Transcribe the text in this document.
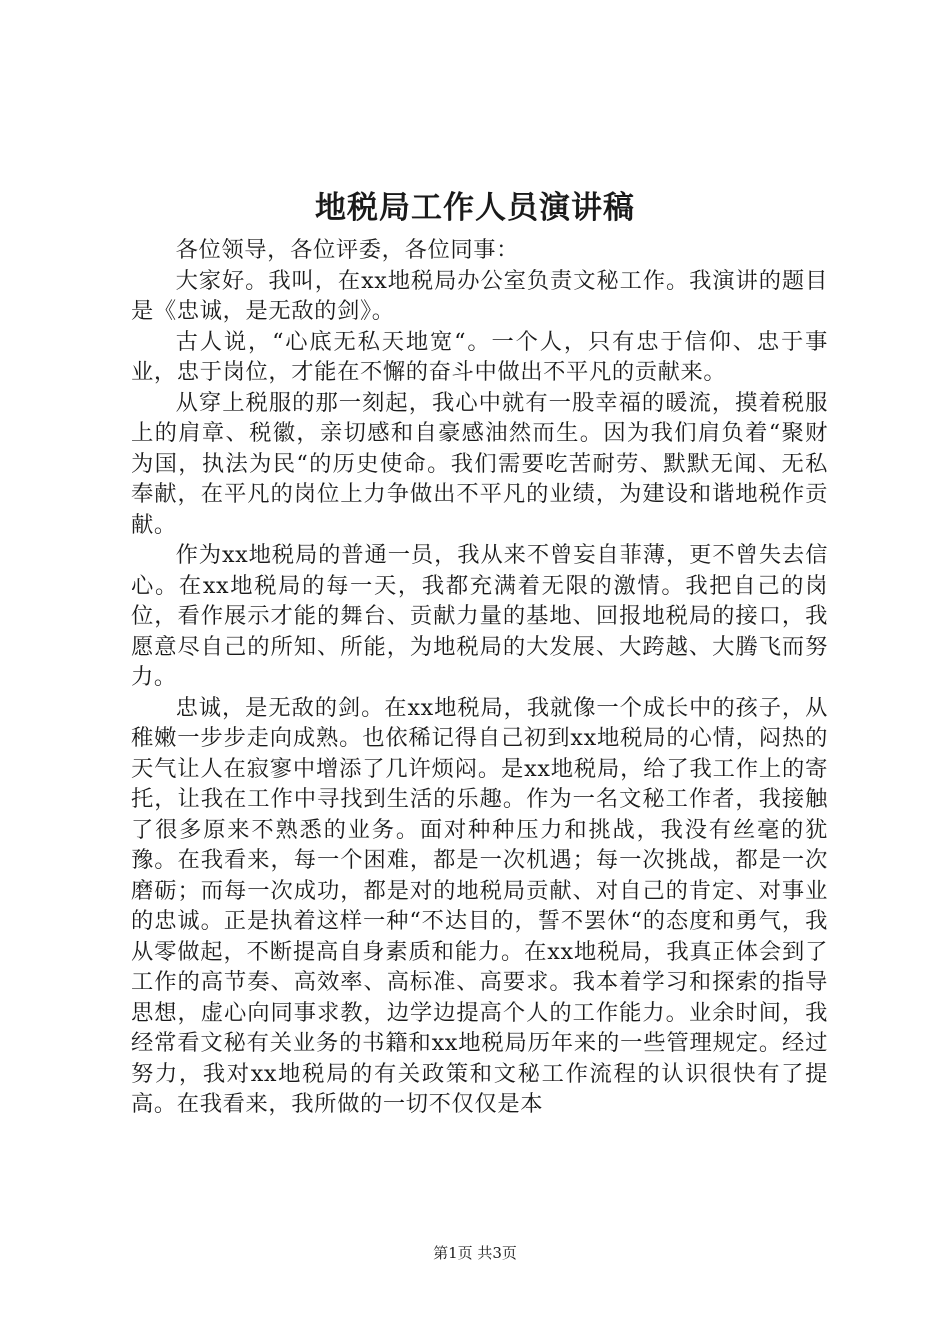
地税局工作人员演讲稿

各位领导，各位评委，各位同事：

大家好。我叫，在xx地税局办公室负责文秘工作。我演讲的题目是《忠诚，是无敌的剑》。

古人说，“心底无私天地宽“。一个人，只有忠于信仰、忠于事业，忠于岗位，才能在不懈的奋斗中做出不平凡的贡献来。

从穿上税服的那一刻起，我心中就有一股幸福的暖流，摸着税服上的肩章、税徽，亲切感和自豪感油然而生。因为我们肩负着“聚财为国，执法为民“的历史使命。我们需要吃苦耐劳、默默无闻、无私奉献，在平凡的岗位上力争做出不平凡的业绩，为建设和谐地税作贡献。

作为xx地税局的普通一员，我从来不曾妄自菲薄，更不曾失去信心。在xx地税局的每一天，我都充满着无限的激情。我把自己的岗位，看作展示才能的舞台、贡献力量的基地、回报地税局的接口，我愿意尽自己的所知、所能，为地税局的大发展、大跨越、大腾飞而努力。

忠诚，是无敌的剑。在xx地税局，我就像一个成长中的孩子，从稚嫩一步步走向成熟。也依稀记得自己初到xx地税局的心情，闷热的天气让人在寂寥中增添了几许烦闷。是xx地税局，给了我工作上的寄托，让我在工作中寻找到生活的乐趣。作为一名文秘工作者，我接触了很多原来不熟悉的业务。面对种种压力和挑战，我没有丝毫的犹豫。在我看来，每一个困难，都是一次机遇；每一次挑战，都是一次磨砺；而每一次成功，都是对的地税局贡献、对自己的肯定、对事业的忠诚。正是执着这样一种“不达目的，誓不罢休“的态度和勇气，我从零做起，不断提高自身素质和能力。在xx地税局，我真正体会到了工作的高节奏、高效率、高标准、高要求。我本着学习和探索的指导思想，虚心向同事求教，边学边提高个人的工作能力。业余时间，我经常看文秘有关业务的书籍和xx地税局历年来的一些管理规定。经过努力，我对xx地税局的有关政策和文秘工作流程的认识很快有了提高。在我看来，我所做的一切不仅仅是本

第1页 共3页
